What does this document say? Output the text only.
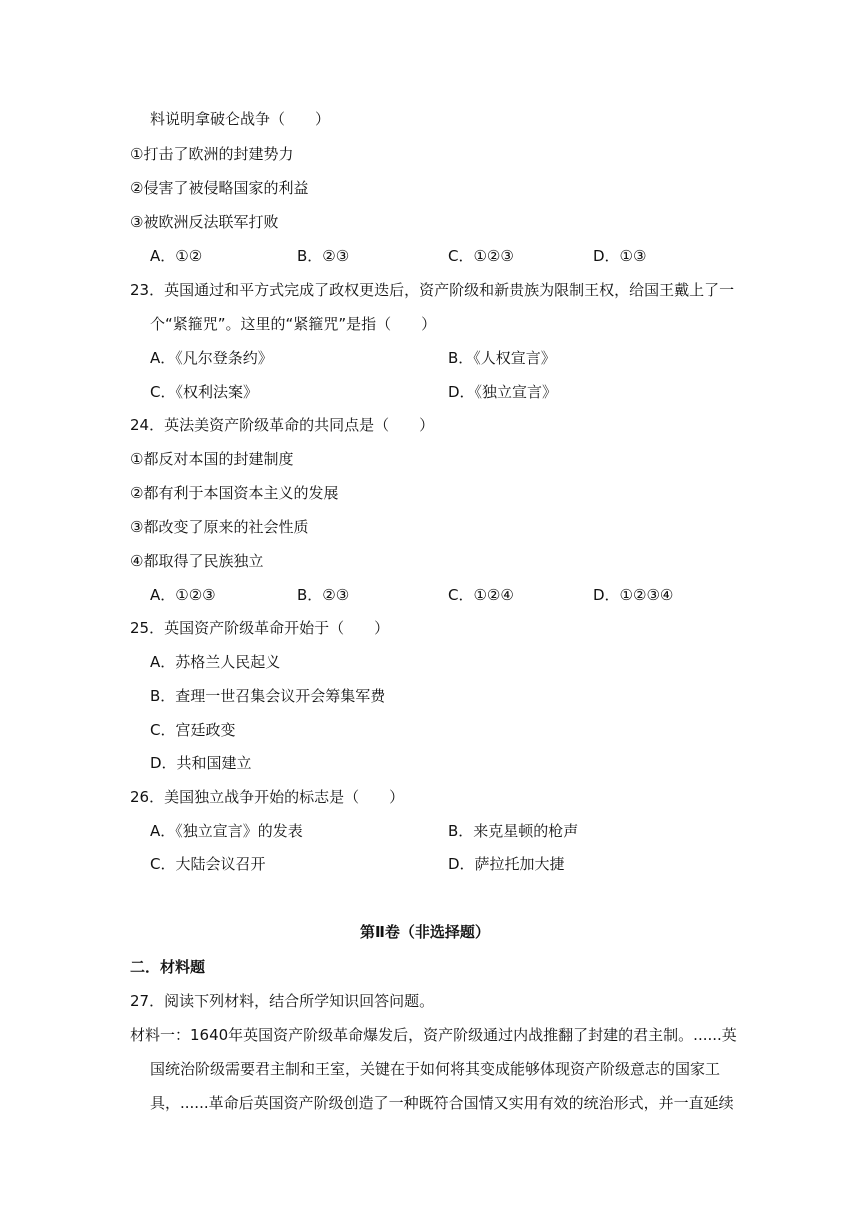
料说明拿破仑战争（　　）
①打击了欧洲的封建势力
②侵害了被侵略国家的利益
③被欧洲反法联军打败
A．①②	B．②③	C．①②③	D．①③
23．英国通过和平方式完成了政权更迭后，资产阶级和新贵族为限制王权，给国王戴上了一
个“紧箍咒”。这里的“紧箍咒”是指（　　）
A．《凡尔登条约》	B．《人权宣言》
C．《权利法案》	D．《独立宣言》
24．英法美资产阶级革命的共同点是（　　）
①都反对本国的封建制度
②都有利于本国资本主义的发展
③都改变了原来的社会性质
④都取得了民族独立
A．①②③	B．②③	C．①②④	D．①②③④
25．英国资产阶级革命开始于（　　）
A．苏格兰人民起义
B．查理一世召集会议开会筹集军费
C．宫廷政变
D．共和国建立
26．美国独立战争开始的标志是（　　）
A．《独立宣言》的发表	B．来克星顿的枪声
C．大陆会议召开	D．萨拉托加大捷
27．阅读下列材料，结合所学知识回答问题。
材料一：1640年英国资产阶级革命爆发后，资产阶级通过内战推翻了封建的君主制。......英
国统治阶级需要君主制和王室，关键在于如何将其变成能够体现资产阶级意志的国家工
具，......革命后英国资产阶级创造了一种既符合国情又实用有效的统治形式，并一直延续
第Ⅱ卷（非选择题）
二．材料题
